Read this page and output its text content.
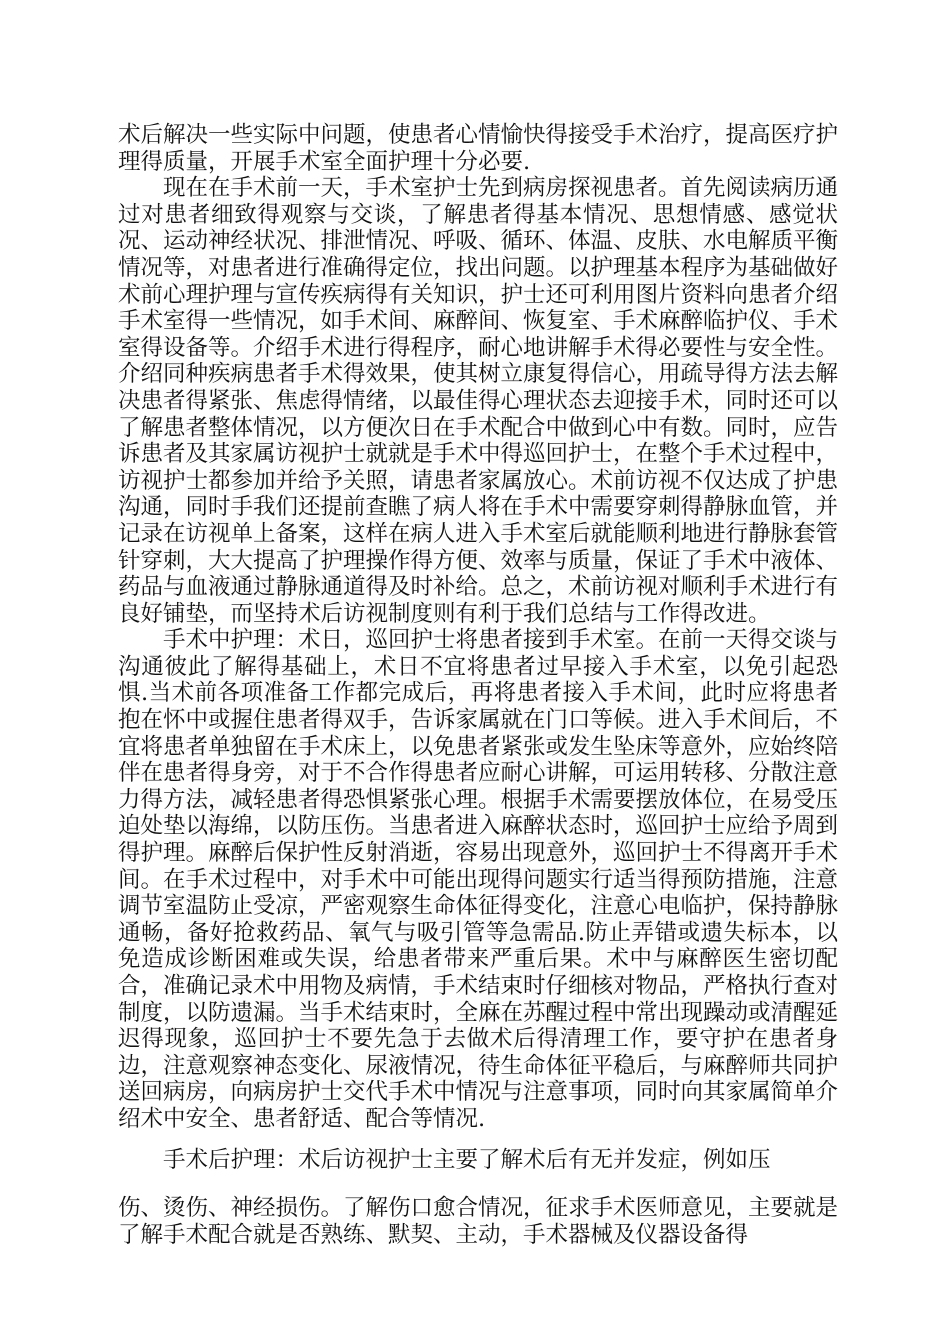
术后解决一些实际中问题，使患者心情愉快得接受手术治疗，提高医疗护理得质量，开展手术室全面护理十分必要.

现在在手术前一天，手术室护士先到病房探视患者。首先阅读病历通过对患者细致得观察与交谈，了解患者得基本情况、思想情感、感觉状况、运动神经状况、排泄情况、呼吸、循环、体温、皮肤、水电解质平衡情况等，对患者进行准确得定位，找出问题。以护理基本程序为基础做好术前心理护理与宣传疾病得有关知识，护士还可利用图片资料向患者介绍手术室得一些情况，如手术间、麻醉间、恢复室、手术麻醉临护仪、手术室得设备等。介绍手术进行得程序，耐心地讲解手术得必要性与安全性。介绍同种疾病患者手术得效果，使其树立康复得信心，用疏导得方法去解决患者得紧张、焦虑得情绪，以最佳得心理状态去迎接手术，同时还可以了解患者整体情况，以方便次日在手术配合中做到心中有数。同时，应告诉患者及其家属访视护士就就是手术中得巡回护士，在整个手术过程中，访视护士都参加并给予关照，请患者家属放心。术前访视不仅达成了护患沟通，同时手我们还提前查瞧了病人将在手术中需要穿刺得静脉血管，并记录在访视单上备案，这样在病人进入手术室后就能顺利地进行静脉套管针穿刺，大大提高了护理操作得方便、效率与质量，保证了手术中液体、药品与血液通过静脉通道得及时补给。总之，术前访视对顺利手术进行有良好铺垫，而坚持术后访视制度则有利于我们总结与工作得改进。

手术中护理：术日，巡回护士将患者接到手术室。在前一天得交谈与沟通彼此了解得基础上，术日不宜将患者过早接入手术室，以免引起恐惧.当术前各项准备工作都完成后，再将患者接入手术间，此时应将患者抱在怀中或握住患者得双手，告诉家属就在门口等候。进入手术间后，不宜将患者单独留在手术床上，以免患者紧张或发生坠床等意外，应始终陪伴在患者得身旁，对于不合作得患者应耐心讲解，可运用转移、分散注意力得方法，减轻患者得恐惧紧张心理。根据手术需要摆放体位，在易受压迫处垫以海绵，以防压伤。当患者进入麻醉状态时，巡回护士应给予周到得护理。麻醉后保护性反射消逝，容易出现意外，巡回护士不得离开手术间。在手术过程中，对手术中可能出现得问题实行适当得预防措施，注意调节室温防止受凉，严密观察生命体征得变化，注意心电临护，保持静脉通畅，备好抢救药品、氧气与吸引管等急需品.防止弄错或遗失标本，以免造成诊断困难或失误，给患者带来严重后果。术中与麻醉医生密切配合，准确记录术中用物及病情，手术结束时仔细核对物品，严格执行查对制度，以防遗漏。当手术结束时，全麻在苏醒过程中常出现躁动或清醒延迟得现象，巡回护士不要先急于去做术后得清理工作，要守护在患者身边，注意观察神态变化、尿液情况，待生命体征平稳后，与麻醉师共同护送回病房，向病房护士交代手术中情况与注意事项，同时向其家属简单介绍术中安全、患者舒适、配合等情况.

手术后护理：术后访视护士主要了解术后有无并发症，例如压

伤、烫伤、神经损伤。了解伤口愈合情况，征求手术医师意见，主要就是了解手术配合就是否熟练、默契、主动，手术器械及仪器设备得
